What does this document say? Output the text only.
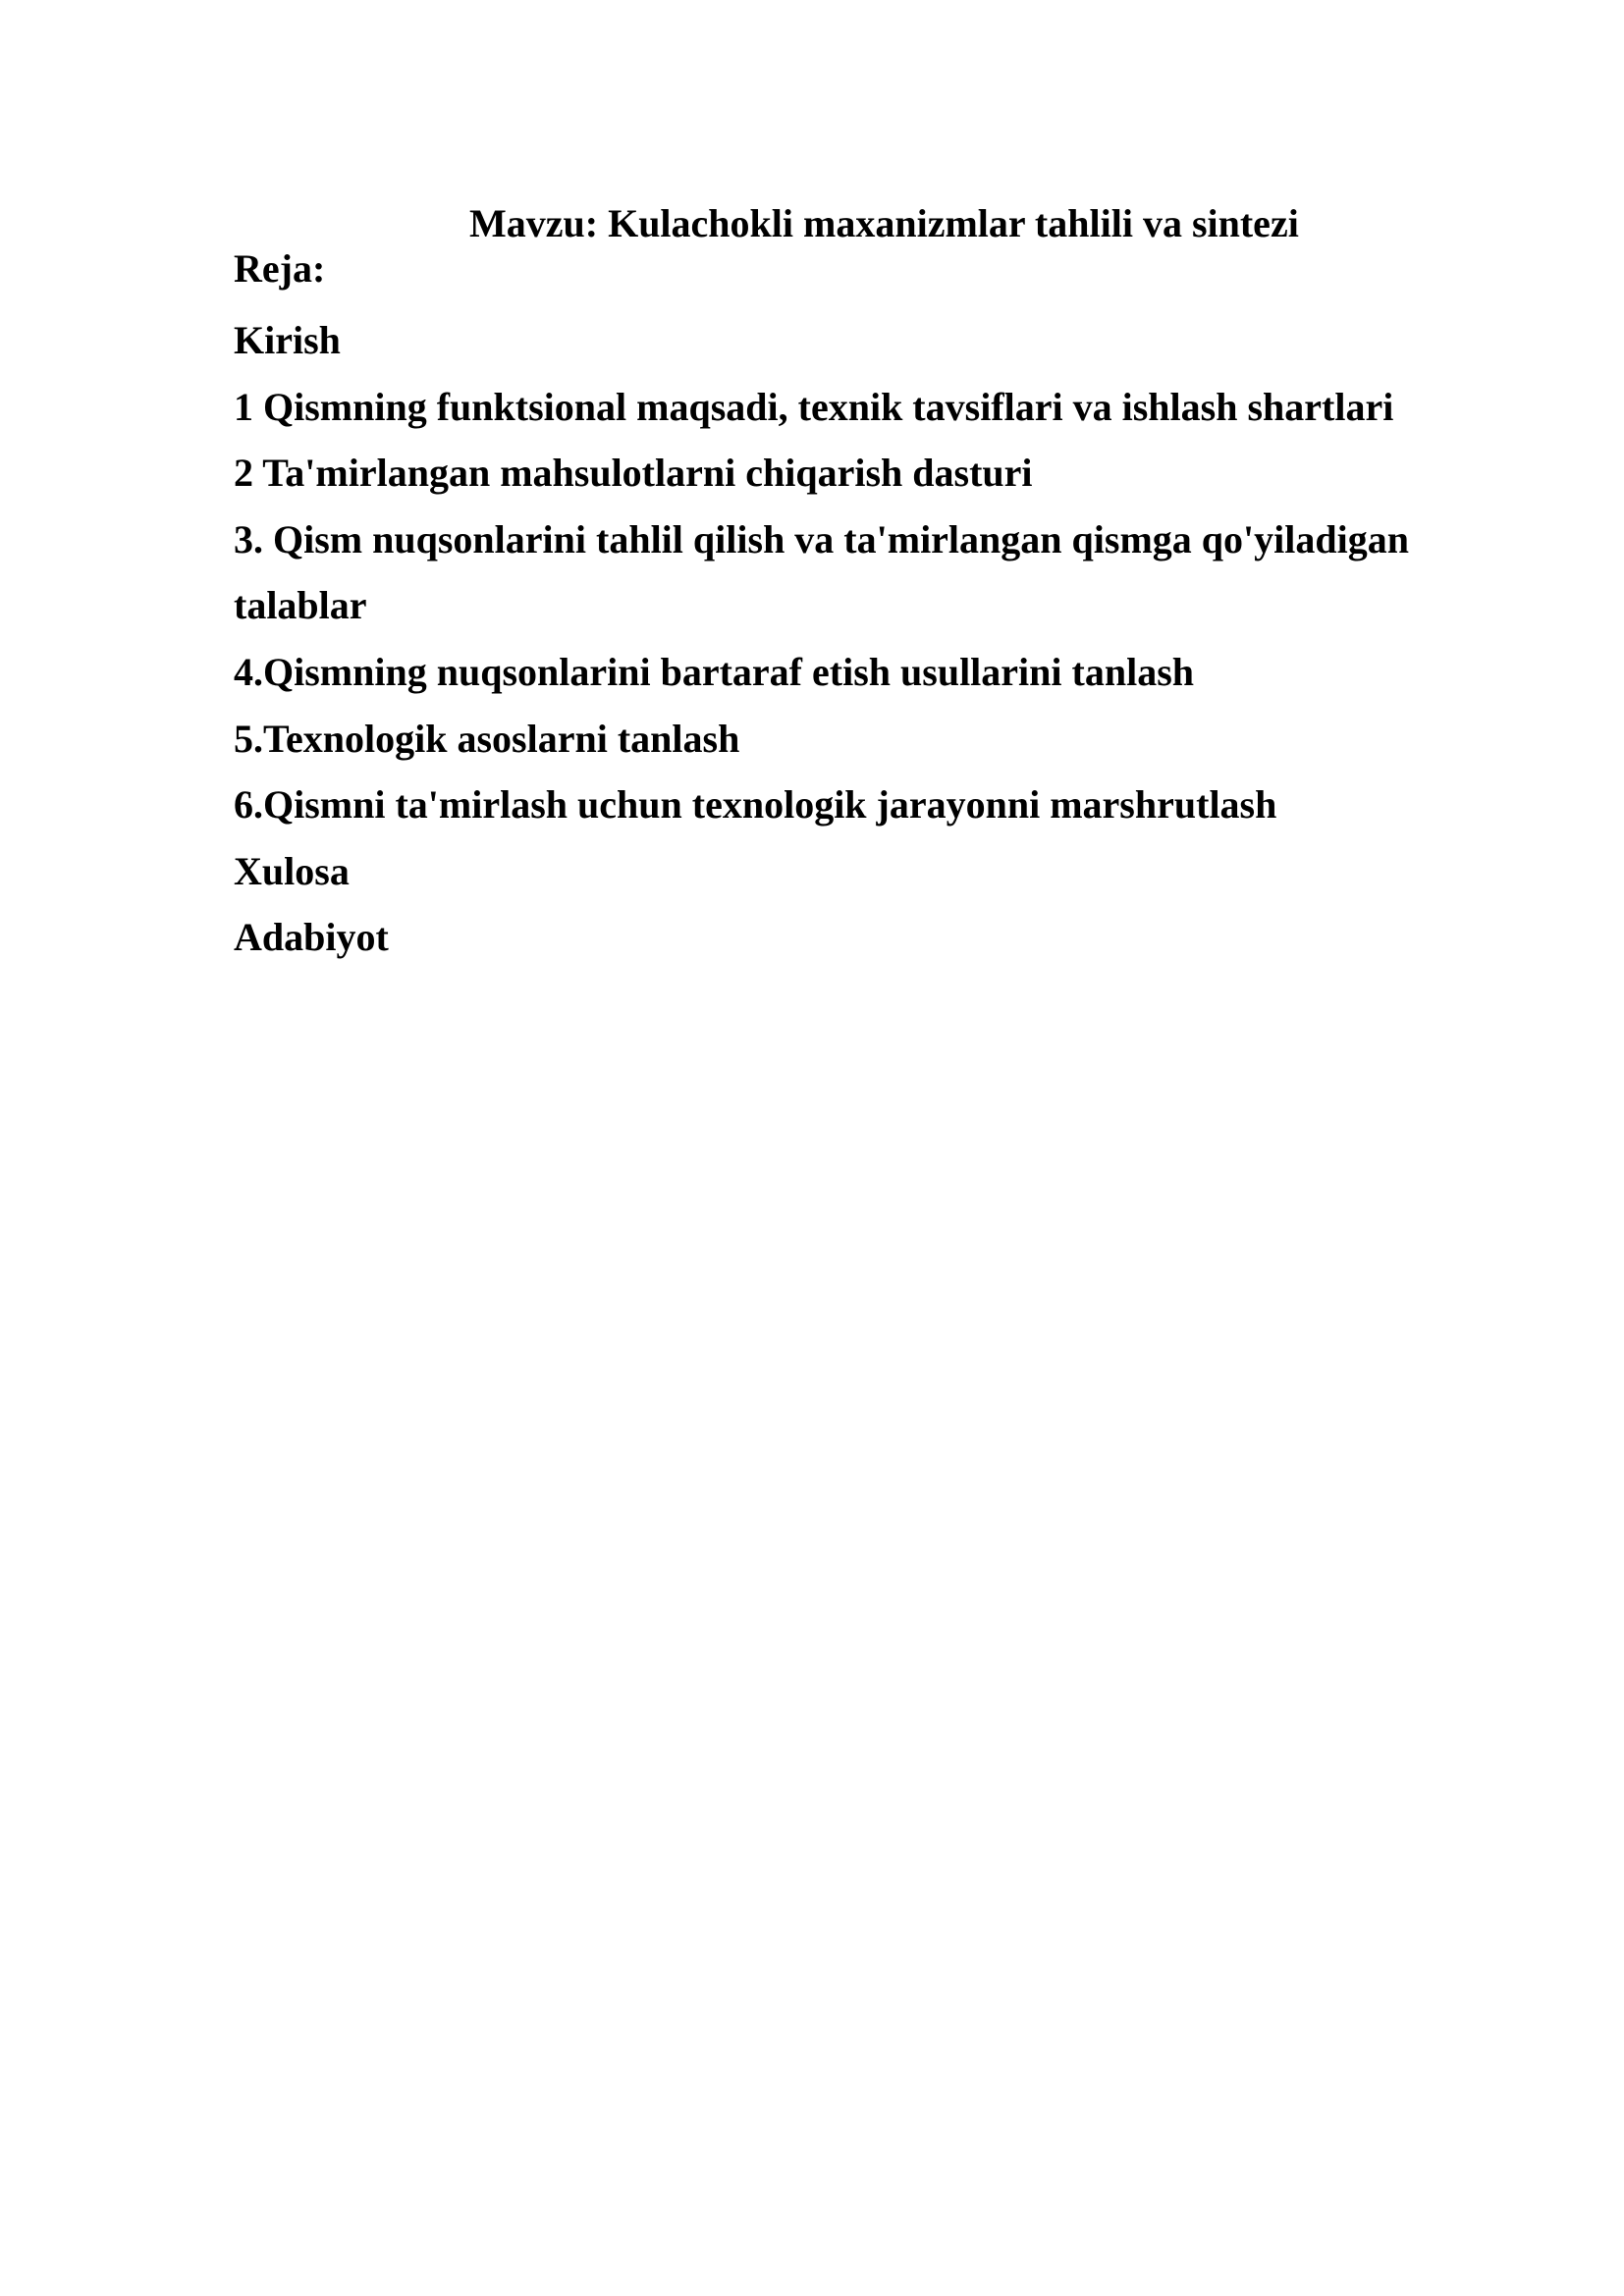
Mavzu: Kulachokli maxanizmlar tahlili va sintezi
Reja:
Kirish
1 Qismning funktsional maqsadi, texnik tavsiflari va ishlash shartlari
2 Ta'mirlangan mahsulotlarni chiqarish dasturi
3. Qism nuqsonlarini tahlil qilish va ta'mirlangan qismga qo'yiladigan
talablar
4.Qismning nuqsonlarini bartaraf etish usullarini tanlash
5.Texnologik asoslarni tanlash
6.Qismni ta'mirlash uchun texnologik jarayonni marshrutlash
Xulosa
Adabiyot
